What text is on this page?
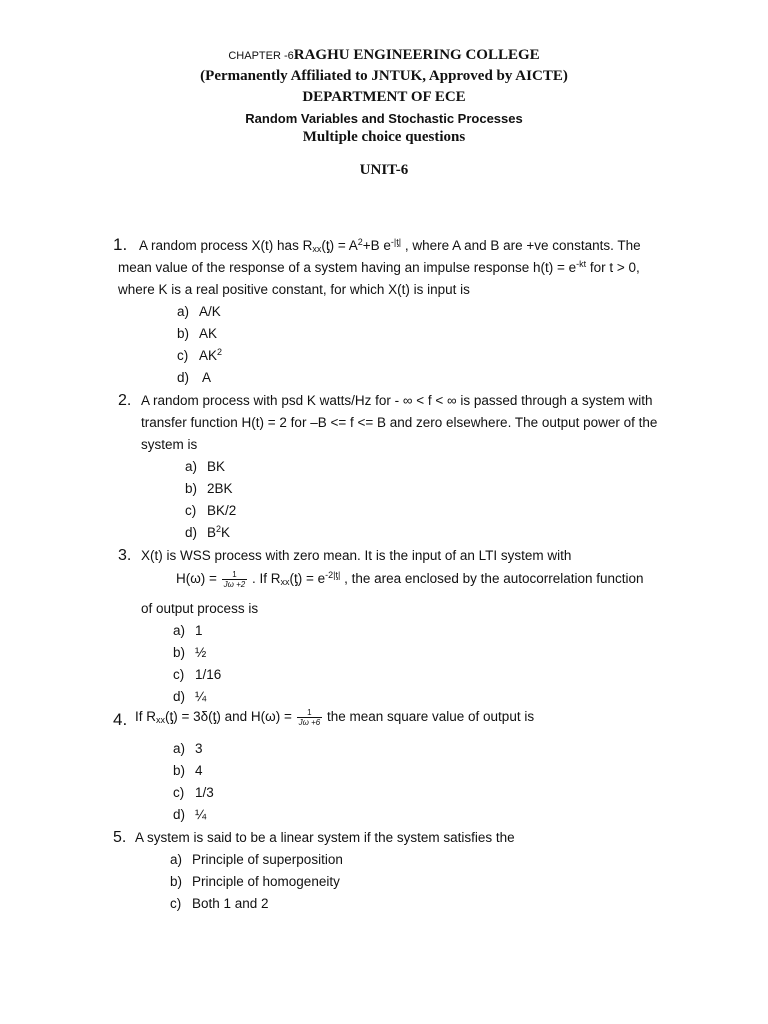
CHAPTER -6RAGHU ENGINEERING COLLEGE
(Permanently Affiliated to JNTUK, Approved by AICTE)
DEPARTMENT OF ECE
Random Variables and Stochastic Processes
Multiple choice questions
UNIT-6
1. A random process X(t) has $R_{xx}(ƫ) = A^2+B$ $e^{-|ƫ|}$ , where A and B are +ve constants. The
mean value of the response of a system having an impulse response $h(t) = e^{-kt}$ for t > 0,
where K is a real positive constant, for which X(t) is input is
a) A/K
b) AK
c) $AK^2$
d) A
2. A random process with psd K watts/Hz for - ∞ < f < ∞ is passed through a system with
transfer function H(t) = 2 for –B <= f <= B and zero elsewhere. The output power of the
system is
a) BK
b) 2BK
c) BK/2
d) $B^2K$
3. X(t) is WSS process with zero mean. It is the input of an LTI system with
$H(\omega) = \frac{1}{J\omega +2}$ . If $R_{xx}(ƫ) = e^{-2|ƫ|}$ , the area enclosed by the autocorrelation function
of output process is
a) 1
b) ½
c) 1/16
d) ¼
4. If $R_{xx}(ƫ)$ = 3δ(ƫ) and $H(\omega) = \frac{1}{J\omega +6}$ the mean square value of output is
a) 3
b) 4
c) 1/3
d) ¼
5. A system is said to be a linear system if the system satisfies the
a) Principle of superposition
b) Principle of homogeneity
c) Both 1 and 2
